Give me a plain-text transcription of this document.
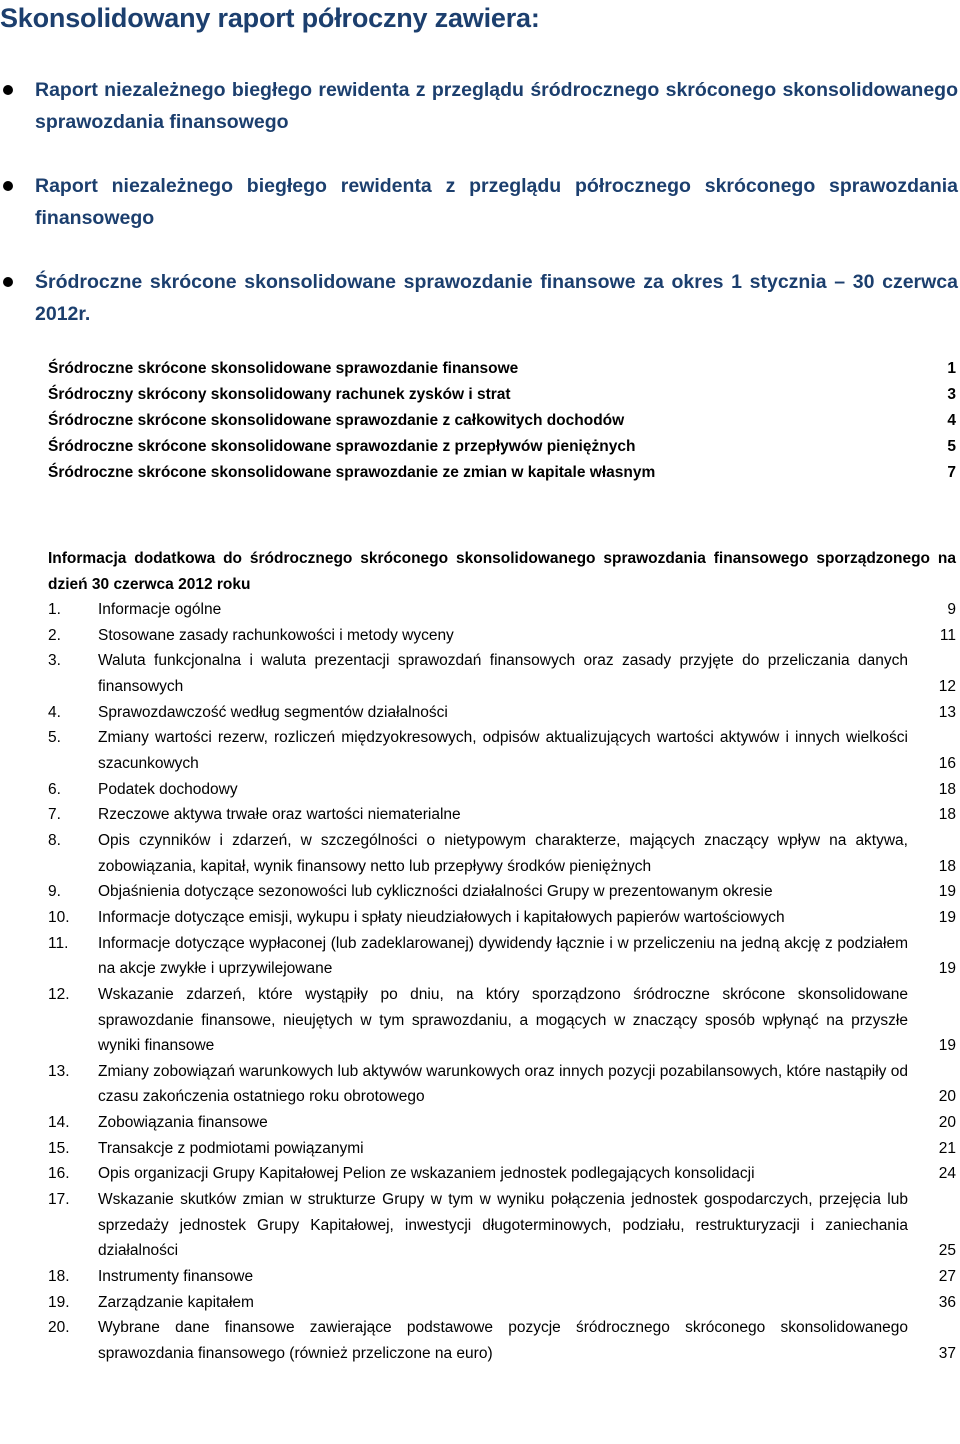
Skonsolidowany raport półroczny zawiera:
Raport niezależnego biegłego rewidenta z przeglądu śródrocznego skróconego skonsolidowanego sprawozdania finansowego
Raport niezależnego biegłego rewidenta z przeglądu półrocznego skróconego sprawozdania finansowego
Śródroczne skrócone skonsolidowane sprawozdanie finansowe za okres 1 stycznia – 30 czerwca 2012r.
Śródroczne skrócone skonsolidowane sprawozdanie finansowe	1
Śródroczny skrócony skonsolidowany rachunek zysków i strat	3
Śródroczne skrócone skonsolidowane sprawozdanie z całkowitych dochodów	4
Śródroczne skrócone skonsolidowane sprawozdanie z przepływów pieniężnych	5
Śródroczne skrócone skonsolidowane sprawozdanie ze zmian w kapitale własnym	7
Informacja dodatkowa do śródrocznego skróconego skonsolidowanego sprawozdania finansowego sporządzonego na dzień 30 czerwca 2012 roku
1.	Informacje ogólne	9
2.	Stosowane zasady rachunkowości i metody wyceny	11
3.	Waluta funkcjonalna i waluta prezentacji sprawozdań finansowych oraz zasady przyjęte do przeliczania danych finansowych	12
4.	Sprawozdawczość według segmentów działalności	13
5.	Zmiany wartości rezerw, rozliczeń międzyokresowych, odpisów aktualizujących wartości aktywów i innych wielkości szacunkowych	16
6.	Podatek dochodowy	18
7.	Rzeczowe aktywa trwałe oraz wartości niematerialne	18
8.	Opis czynników i zdarzeń, w szczególności o nietypowym charakterze, mających znaczący wpływ na aktywa, zobowiązania, kapitał, wynik finansowy netto lub przepływy środków pieniężnych	18
9.	Objaśnienia dotyczące sezonowości lub cykliczności działalności Grupy w prezentowanym okresie	19
10.	Informacje dotyczące emisji, wykupu i spłaty nieudziałowych i kapitałowych papierów wartościowych	19
11.	Informacje dotyczące wypłaconej (lub zadeklarowanej) dywidendy łącznie i w przeliczeniu na jedną akcję z podziałem na akcje zwykłe i uprzywilejowane	19
12.	Wskazanie zdarzeń, które wystąpiły po dniu, na który sporządzono śródroczne skrócone skonsolidowane sprawozdanie finansowe, nieujętych w tym sprawozdaniu, a mogących w znaczący sposób wpłynąć na przyszłe wyniki finansowe	19
13.	Zmiany zobowiązań warunkowych lub aktywów warunkowych oraz innych pozycji pozabilansowych, które nastąpiły od czasu zakończenia ostatniego roku obrotowego	20
14.	Zobowiązania finansowe	20
15.	Transakcje z podmiotami powiązanymi	21
16.	Opis organizacji Grupy Kapitałowej Pelion ze wskazaniem jednostek podlegających konsolidacji	24
17.	Wskazanie skutków zmian w strukturze Grupy w tym w wyniku połączenia jednostek gospodarczych, przejęcia lub sprzedaży jednostek Grupy Kapitałowej, inwestycji długoterminowych, podziału, restrukturyzacji i zaniechania działalności	25
18.	Instrumenty finansowe	27
19.	Zarządzanie kapitałem	36
20.	Wybrane dane finansowe zawierające podstawowe pozycje śródrocznego skróconego skonsolidowanego sprawozdania finansowego (również przeliczone na euro)	37
